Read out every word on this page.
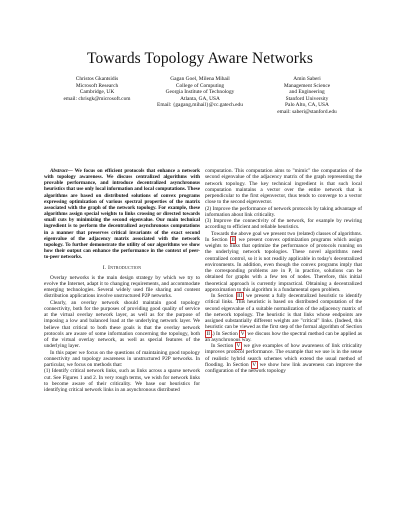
Towards Topology Aware Networks
Christos Gkantsidis
Microsoft Research
Cambridge, UK
email: chrisgk@microsoft.com
Gagan Goel, Milena Mihail
College of Computing
Georgia Institute of Technology
Atlanta, GA, USA
Email: {gagang,mihail}@cc.gatech.edu
Amin Saberi
Management Science
and Engineering
Stanford University
Palo Alto, CA, USA
email: saberi@stanford.edu

Abstract— We focus on efficient protocols that enhance a network with topology awareness. We discuss centralized algorithms with provable performance, and introduce decentralized asynchronous heuristics that use only local information and local computations. These algorithms are based on distributed solutions of convex programs expressing optimization of various spectral properties of the matrix associated with the graph of the network topology. For example, these algorithms assign special weights to links crossing or directed towards small cuts by minimizing the second eigenvalue. Our main technical ingredient is to perform the decentralized asynchronous computations in a manner that preserves critical invariants of the exact second eigenvalue of the adjacency matrix associated with the network topology. To further demonstrate the utility of our algorithms we show how their output can enhance the performance in the context of peer-to-peer networks.

I. Introduction

Overlay networks is the main design strategy by which we try to evolve the Internet, adapt it to changing requirements, and accommodate emerging technologies. Several widely used file sharing and content distribution applications involve unstructured P2P networks.

Clearly, an overlay network should maintain good topology connectivity, both for the purposes of providing good quality of service at the virtual overlay network layer, as well as for the purpose of imposing a low and balanced load at the underlying network layer. We believe that critical to both these goals is that the overlay network protocols are aware of some information concerning the topology, both of the virtual overlay network, as well as special features of the underlying layer.

In this paper we focus on the questions of maintaining good topology connectivity and topology awareness in unstructured P2P networks. In particular, we focus on methods that:

(1) Identify critical network links, such as links across a sparse network cut. See Figures 1 and 2. In very rough terms, we wish for network links to become aware of their criticality. We base our heuristics for identifying critical network links in an asynchronous distributed

computation. This computation aims to "mimic" the computation of the second eigenvalue of the adjacency matrix of the graph representing the network topology. The key technical ingredient is that such local computation maintains a vector over the entire network that is perpendicular to the first eigenvector, thus tends to converge to a vector close to the second eigenvector.

(2) Improve the performance of network protocols by taking advantage of information about link criticality.

(3) Improve the connectivity of the network, for example by rewiring according to efficient and reliable heuristics.

Towards the above goal we present two (related) classes of algorithms. In Section II we present convex optimization programs which assign weights to links that optimize the performance of protocols running on the underlying network topologies. These novel algorithms need centralized control, so it is not readily applicable in today's decentralized environments. In addition, even though the convex programs imply that the corresponding problems are in P, in practice, solutions can be obtained for graphs with a few ten of nodes. Therefore, this initial theoretical approach is currently impractical. Obtaining a decentralized approximation to this algorithm is a fundamental open problem.

In Section III we present a fully decentralized heuristic to identify critical links. This heuristic is based on distributed computation of the second eigenvalue of a suitable normalization of the adjacency matrix of the network topology. The heuristic is that links whose endpoints are assigned substantially different weights are "critical" links. (Indeed, this heuristic can be viewed as the first step of the formal algorithm of Section II .) In Section V we discuss how the spectral method can be applied as an asynchronous way.

In Section V we give examples of how awareness of link criticality improves protocol performance. The example that we use is in the sense of realistic hybrid search schemes which extend the usual method of flooding. In Section V we show how link awareness can improve the configuration of the network topology
